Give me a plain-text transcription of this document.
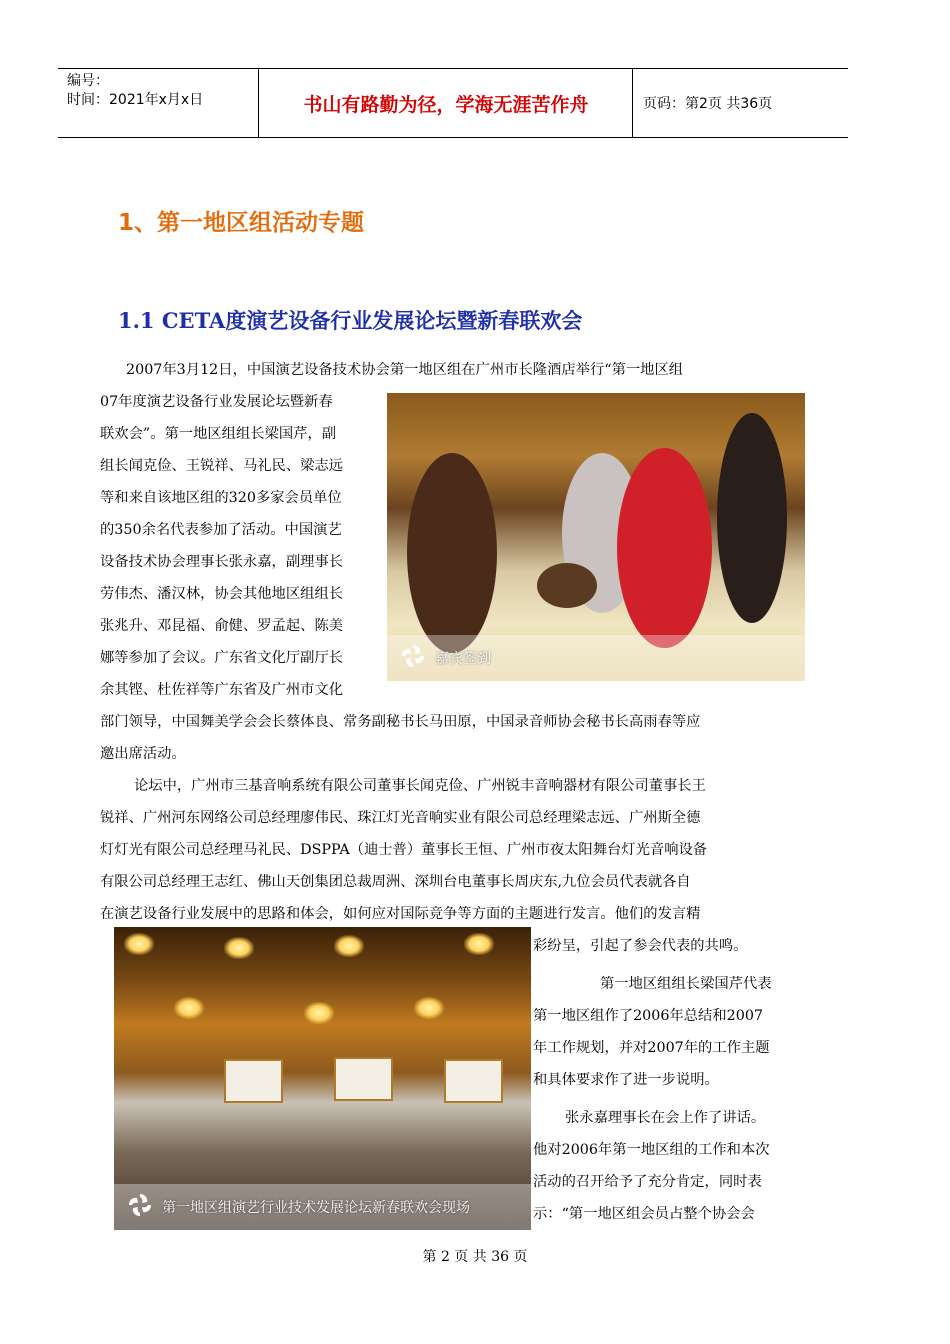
编号：
时间：2021年x月x日	书山有路勤为径，学海无涯苦作舟	页码：第2页 共36页
1、第一地区组活动专题
1.1 CETA度演艺设备行业发展论坛暨新春联欢会
2007年3月12日，中国演艺设备技术协会第一地区组在广州市长隆酒店举行“第一地区组
07年度演艺设备行业发展论坛暨新春
联欢会”。第一地区组组长梁国芹，副
组长闻克俭、王锐祥、马礼民、梁志远
等和来自该地区组的320多家会员单位
的350余名代表参加了活动。中国演艺
设备技术协会理事长张永嘉，副理事长
劳伟杰、潘汉林，协会其他地区组组长
张兆升、邓昆福、俞健、罗孟起、陈美
娜等参加了会议。广东省文化厅副厅长
余其铿、杜佐祥等广东省及广州市文化
部门领导，中国舞美学会会长蔡体良、常务副秘书长马田原，中国录音师协会秘书长高雨春等应
邀出席活动。
嘉宾签到
论坛中，广州市三基音响系统有限公司董事长闻克俭、广州锐丰音响器材有限公司董事长王
锐祥、广州河东网络公司总经理廖伟民、珠江灯光音响实业有限公司总经理梁志远、广州斯全德
灯灯光有限公司总经理马礼民、DSPPA（迪士普）董事长王恒、广州市夜太阳舞台灯光音响设备
有限公司总经理王志红、佛山天创集团总裁周洲、深圳台电董事长周庆东,九位会员代表就各自
在演艺设备行业发展中的思路和体会，如何应对国际竞争等方面的主题进行发言。他们的发言精
彩纷呈，引起了参会代表的共鸣。
第一地区组演艺行业技术发展论坛新春联欢会现场
第一地区组组长梁国芹代表
第一地区组作了2006年总结和2007
年工作规划，并对2007年的工作主题
和具体要求作了进一步说明。
张永嘉理事长在会上作了讲话。
他对2006年第一地区组的工作和本次
活动的召开给予了充分肯定，同时表
示：“第一地区组会员占整个协会会
第 2 页 共 36 页
